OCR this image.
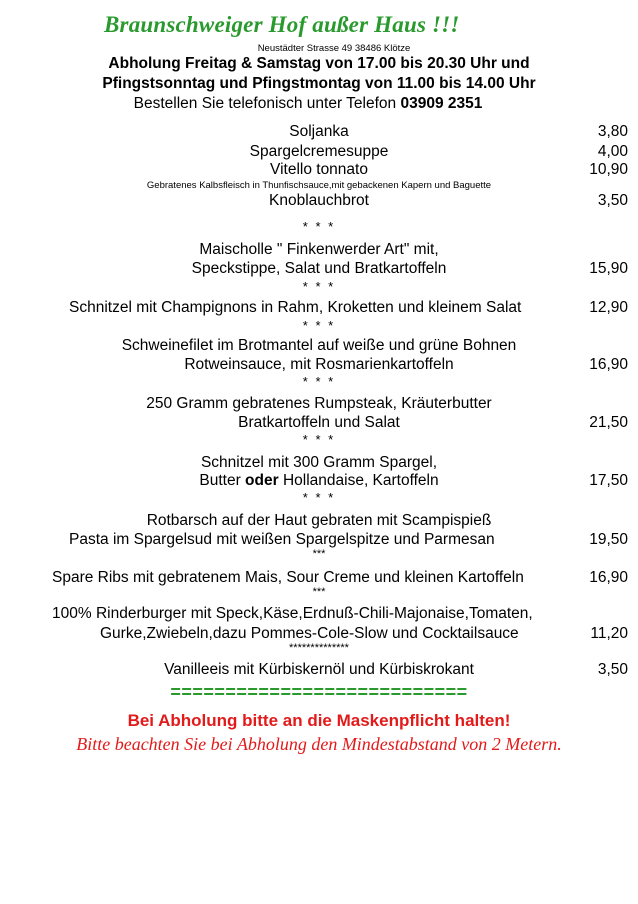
Braunschweiger Hof außer Haus !!!
Neustädter Strasse 49 38486 Klötze
Abholung Freitag & Samstag von 17.00 bis 20.30 Uhr und
Pfingstsonntag und Pfingstmontag von 11.00 bis 14.00 Uhr
Bestellen Sie telefonisch unter Telefon 03909 2351
Soljanka	3,80
Spargelcremesuppe	4,00
Vitello tonnato	10,90
Gebratenes Kalbsfleisch in Thunfischsauce,mit gebackenen Kapern und Baguette
Knoblauchbrot	3,50
* * *
Maischolle " Finkenwerder Art" mit,
Speckstippe, Salat und Bratkartoffeln	15,90
* * *
Schnitzel mit Champignons in Rahm, Kroketten und kleinem Salat	12,90
* * *
Schweinefilet im Brotmantel auf weiße und grüne Bohnen
Rotweinsauce, mit Rosmarienkartoffeln	16,90
* * *
250 Gramm gebratenes Rumpsteak, Kräuterbutter
Bratkartoffeln und Salat	21,50
* * *
Schnitzel mit 300 Gramm Spargel,
Butter oder Hollandaise, Kartoffeln	17,50
* * *
Rotbarsch auf der Haut gebraten mit Scampispieß
Pasta im Spargelsud mit weißen Spargelspitze und Parmesan	19,50
***
Spare Ribs mit gebratenem Mais, Sour Creme und kleinen Kartoffeln	16,90
***
100% Rinderburger mit Speck,Käse,Erdnuß-Chili-Majonaise,Tomaten,
Gurke,Zwiebeln,dazu Pommes-Cole-Slow und Cocktailsauce	11,20
**************
Vanilleeis mit Kürbiskernöl und Kürbiskrokant	3,50
===========================
Bei Abholung bitte an die Maskenpflicht halten!
Bitte beachten Sie bei Abholung den Mindestabstand von 2 Metern.
